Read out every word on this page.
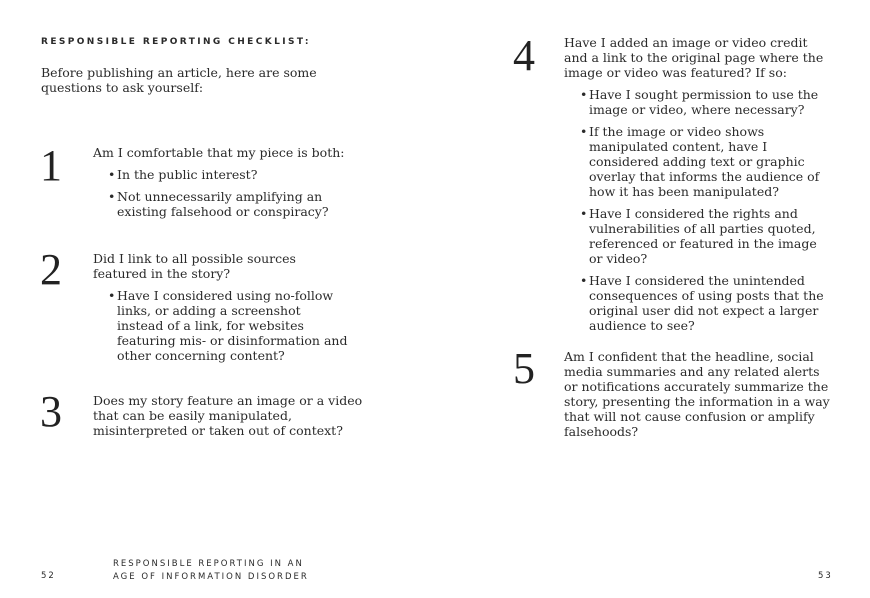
RESPONSIBLE REPORTING CHECKLIST:
Before publishing an article, here are some questions to ask yourself:
1 Am I comfortable that my piece is both:

• In the public interest?
• Not unnecessarily amplifying an existing falsehood or conspiracy?
2 Did I link to all possible sources featured in the story?

• Have I considered using no-follow links, or adding a screenshot instead of a link, for websites featuring mis- or disinformation and other concerning content?
3 Does my story feature an image or a video that can be easily manipulated, misinterpreted or taken out of context?

4 Have I added an image or video credit and a link to the original page where the image or video was featured? If so:

• Have I sought permission to use the image or video, where necessary?
• If the image or video shows manipulated content, have I considered adding text or graphic overlay that informs the audience of how it has been manipulated?
• Have I considered the rights and vulnerabilities of all parties quoted, referenced or featured in the image or video?
• Have I considered the unintended consequences of using posts that the original user did not expect a larger audience to see?
5 Am I confident that the headline, social media summaries and any related alerts or notifications accurately summarize the story, presenting the information in a way that will not cause confusion or amplify falsehoods?

52
RESPONSIBLE REPORTING IN AN
AGE OF INFORMATION DISORDER	53
